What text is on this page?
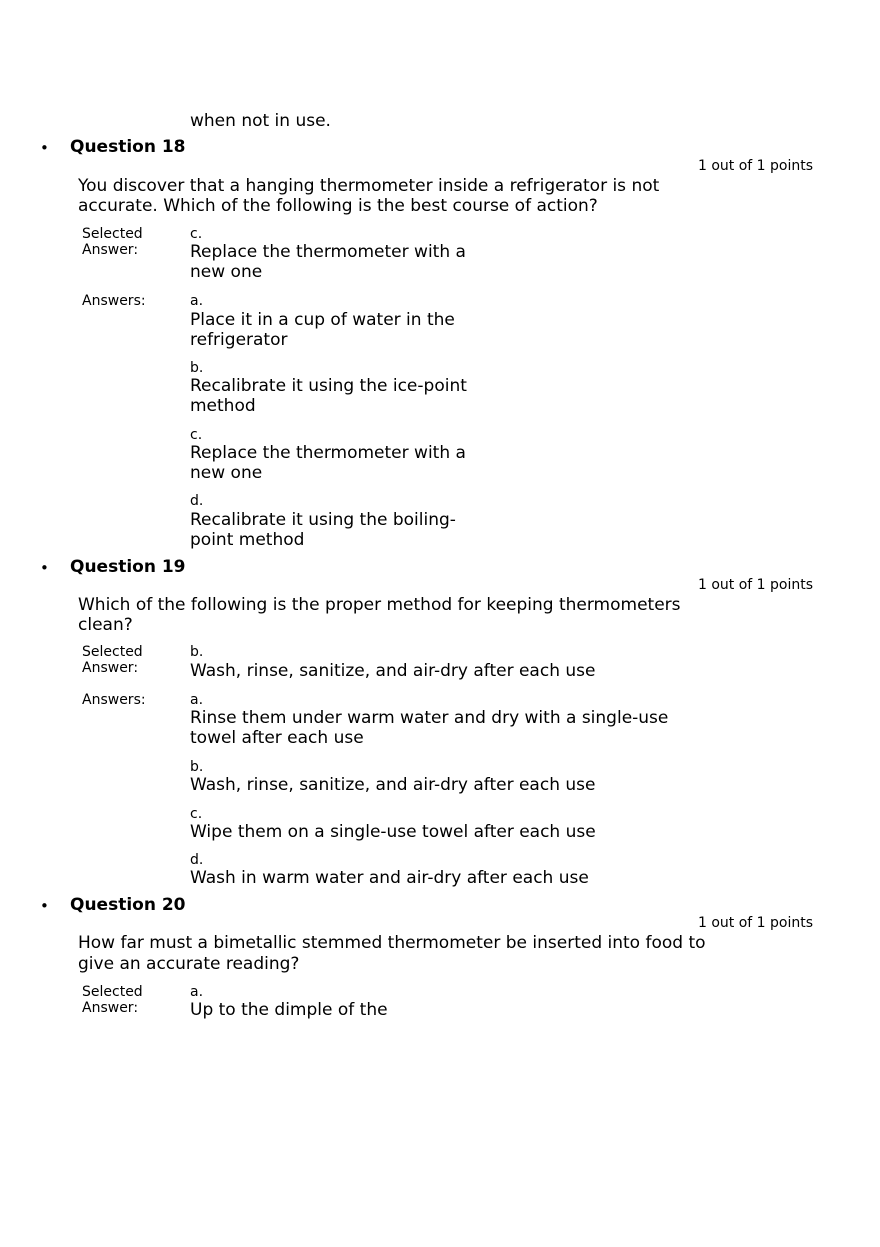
when not in use.
• Question 18
1 out of 1 points
You discover that a hanging thermometer inside a refrigerator is not
accurate. Which of the following is the best course of action?
Selected
Answer:
c.
Replace the thermometer with a
new one
Answers:	a.
Place it in a cup of water in the
refrigerator
b.
Recalibrate it using the ice-point
method
c.
Replace the thermometer with a
new one
d.
Recalibrate it using the boiling-
point method
• Question 19
1 out of 1 points
Which of the following is the proper method for keeping thermometers
clean?
Selected
Answer:
b.
Wash, rinse, sanitize, and air-dry after each use
Answers:	a.
Rinse them under warm water and dry with a single-use
towel after each use
b.
Wash, rinse, sanitize, and air-dry after each use
c.
Wipe them on a single-use towel after each use
d.
Wash in warm water and air-dry after each use
• Question 20
1 out of 1 points
How far must a bimetallic stemmed thermometer be inserted into food to
give an accurate reading?
Selected
Answer:
a.
Up to the dimple of the
